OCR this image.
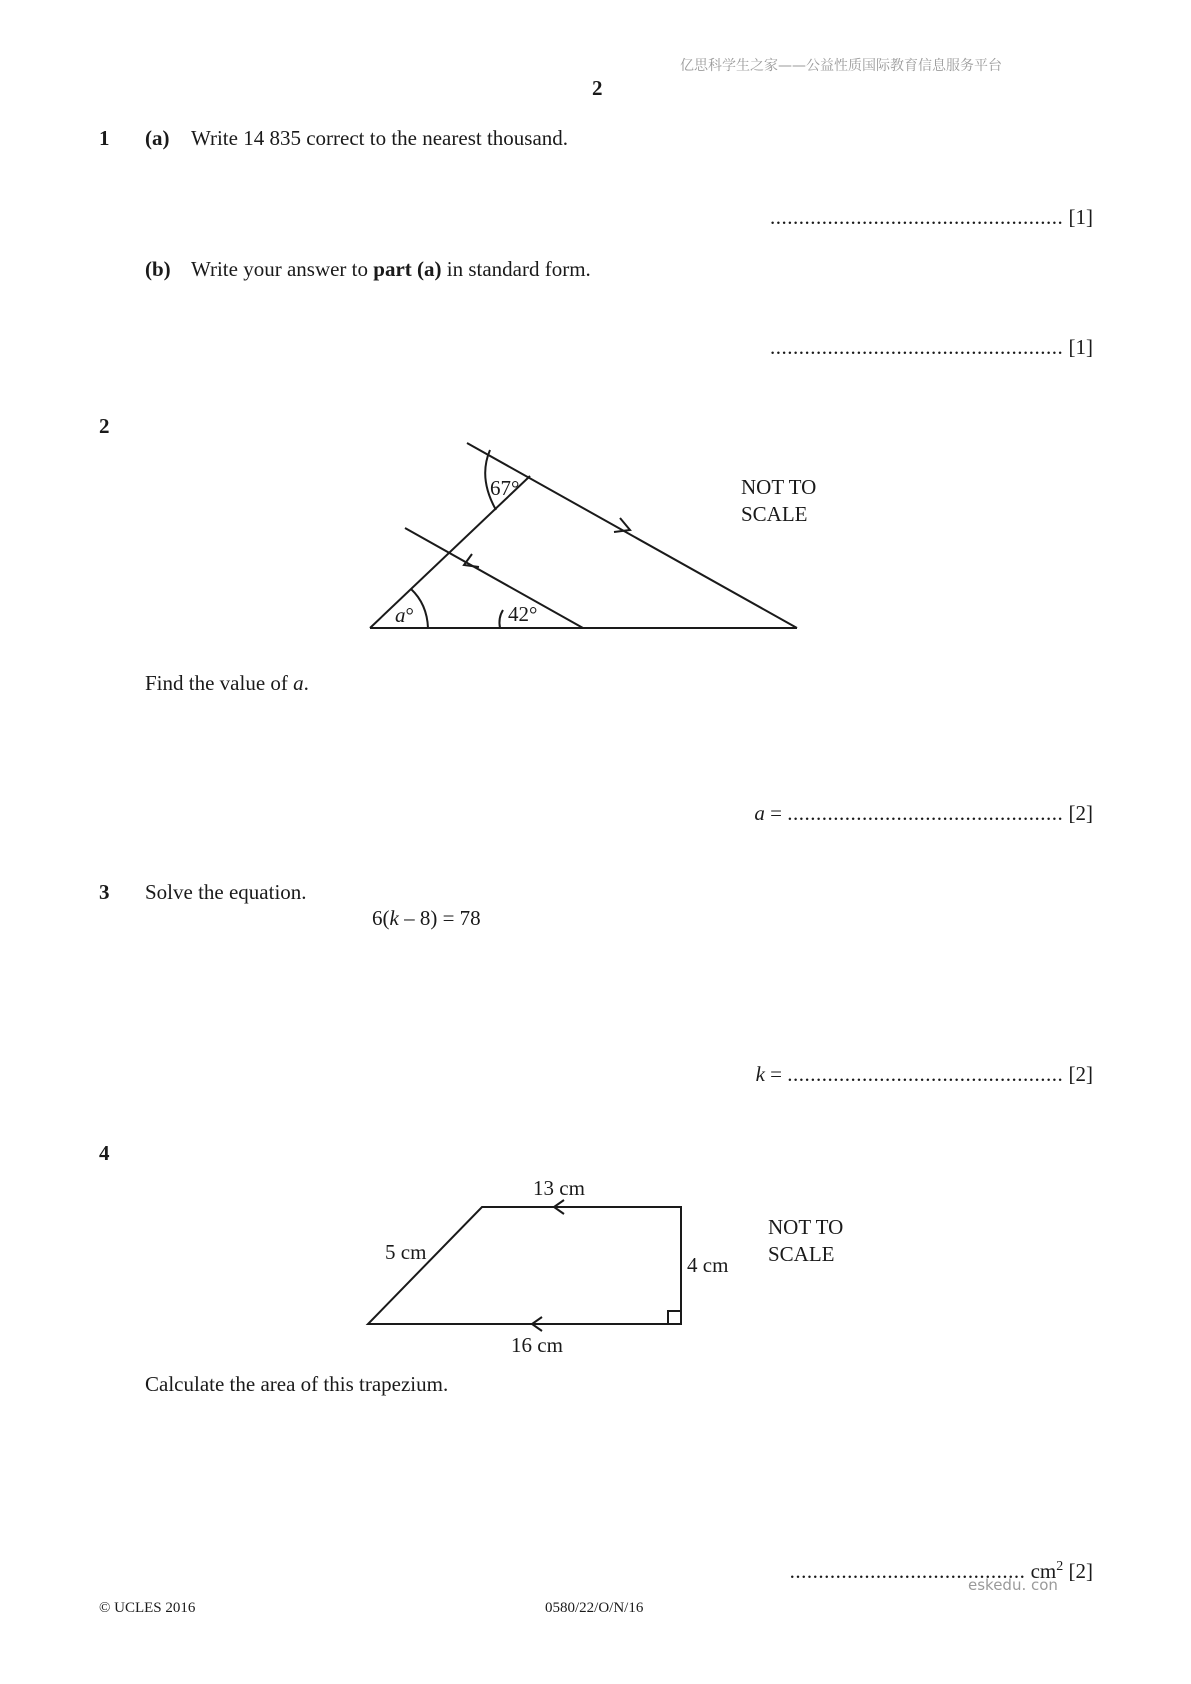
亿思科学生之家——公益性质国际教育信息服务平台
2
1 (a) Write 14 835 correct to the nearest thousand.
................................................... [1]
(b) Write your answer to part (a) in standard form.
................................................... [1]
2
67°
a°	42°
NOT TO
SCALE
Find the value of a.
a = ................................................ [2]
3 Solve the equation.
6(k – 8) = 78
k = ................................................ [2]
4
13 cm
5 cm
4 cm
16 cm
NOT TO
SCALE
Calculate the area of this trapezium.
......................................... $cm^2$ [2]
eskedu. con
© UCLES 2016	0580/22/O/N/16
